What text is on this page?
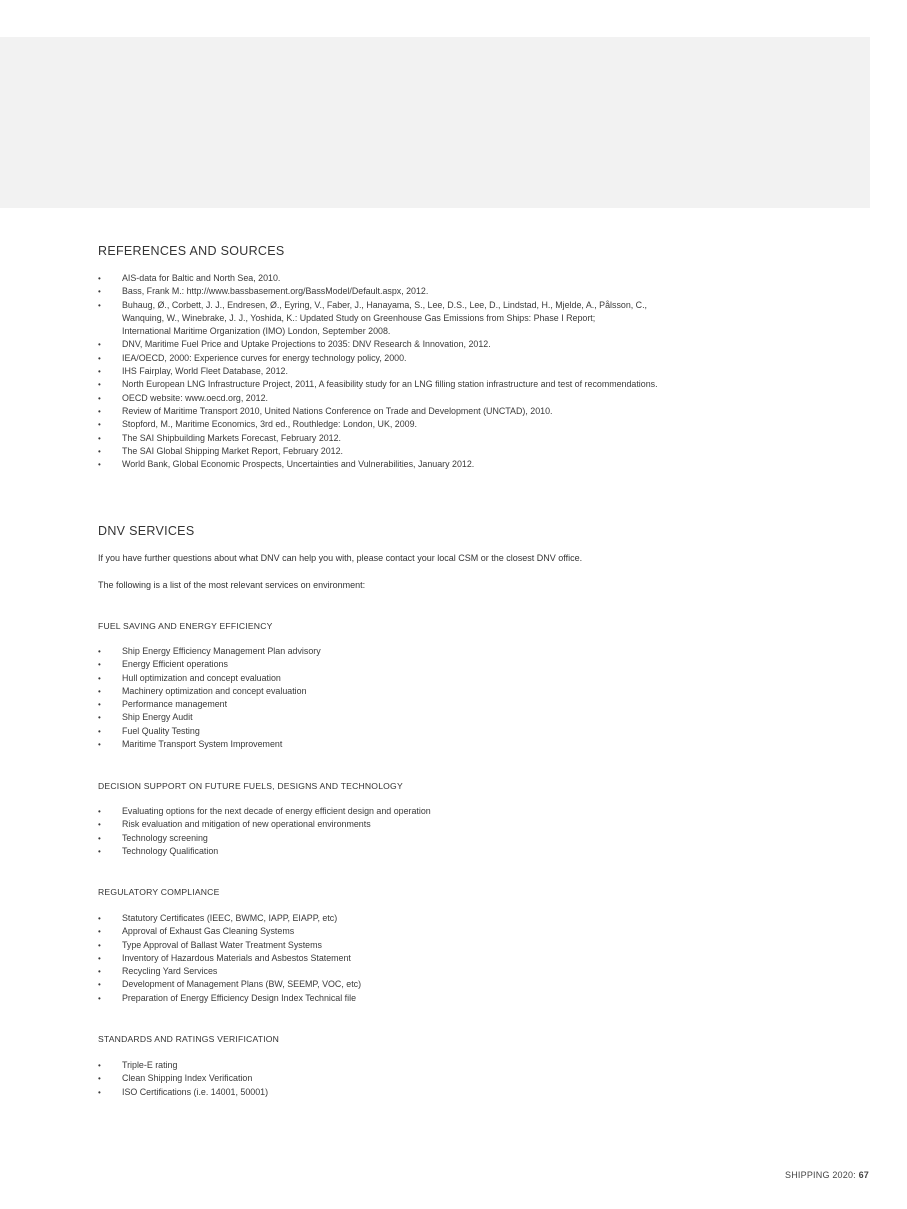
REFERENCES AND SOURCES
• AIS-data for Baltic and North Sea, 2010.
• Bass, Frank M.: http://www.bassbasement.org/BassModel/Default.aspx, 2012.
• Buhaug, Ø., Corbett, J. J., Endresen, Ø., Eyring, V., Faber, J., Hanayama, S., Lee, D.S., Lee, D., Lindstad, H., Mjelde, A., Pålsson, C.,
Wanquing, W., Winebrake, J. J., Yoshida, K.: Updated Study on Greenhouse Gas Emissions from Ships: Phase I Report;
International Maritime Organization (IMO) London, September 2008.
• DNV, Maritime Fuel Price and Uptake Projections to 2035: DNV Research & Innovation, 2012.
• IEA/OECD, 2000: Experience curves for energy technology policy, 2000.
• IHS Fairplay, World Fleet Database, 2012.
• North European LNG Infrastructure Project, 2011, A feasibility study for an LNG filling station infrastructure and test of recommendations.
• OECD website: www.oecd.org, 2012.
• Review of Maritime Transport 2010, United Nations Conference on Trade and Development (UNCTAD), 2010.
• Stopford, M., Maritime Economics, 3rd ed., Routhledge: London, UK, 2009.
• The SAI Shipbuilding Markets Forecast, February 2012.
• The SAI Global Shipping Market Report, February 2012.
• World Bank, Global Economic Prospects, Uncertainties and Vulnerabilities, January 2012.
DNV SERVICES

If you have further questions about what DNV can help you with, please contact your local CSM or the closest DNV office.

The following is a list of the most relevant services on environment:

FUEL SAVING AND ENERGY EFFICIENCY
• Ship Energy Efficiency Management Plan advisory
• Energy Efficient operations
• Hull optimization and concept evaluation
• Machinery optimization and concept evaluation
• Performance management
• Ship Energy Audit
• Fuel Quality Testing
• Maritime Transport System Improvement
DECISION SUPPORT ON FUTURE FUELS, DESIGNS AND TECHNOLOGY
• Evaluating options for the next decade of energy efficient design and operation
• Risk evaluation and mitigation of new operational environments
• Technology screening
• Technology Qualification
REGULATORY COMPLIANCE
• Statutory Certificates (IEEC, BWMC, IAPP, EIAPP, etc)
• Approval of Exhaust Gas Cleaning Systems
• Type Approval of Ballast Water Treatment Systems
• Inventory of Hazardous Materials and Asbestos Statement
• Recycling Yard Services
• Development of Management Plans (BW, SEEMP, VOC, etc)
• Preparation of Energy Efficiency Design Index Technical file
STANDARDS AND RATINGS VERIFICATION
• Triple-E rating
• Clean Shipping Index Verification
• ISO Certifications (i.e. 14001, 50001)
SHIPPING 2020: 67
